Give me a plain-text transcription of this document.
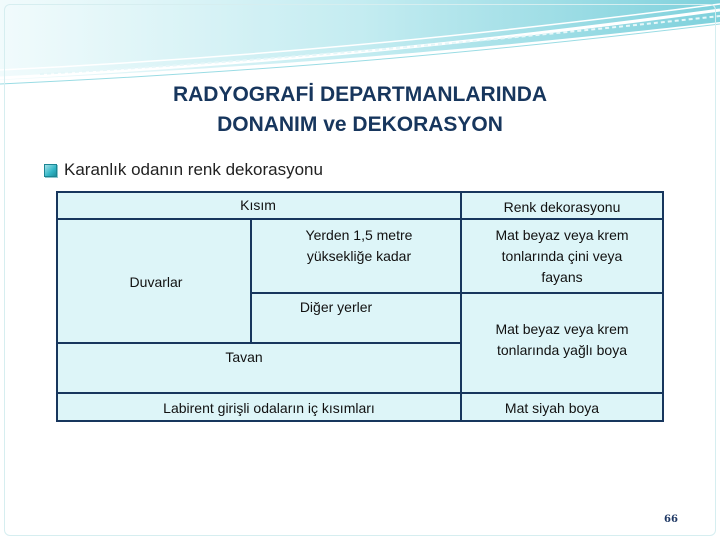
RADYOGRAFİ DEPARTMANLARINDA
DONANIM ve DEKORASYON
Karanlık odanın renk dekorasyonu
Kısım	Renk dekorasyonu
Yerden 1,5 metre
yüksekliğe kadar
Mat beyaz veya krem
tonlarında çini veya
fayans
Duvarlar
Diğer yerler
Mat beyaz veya krem
tonlarında yağlı boya
Tavan
Labirent girişli odaların iç kısımları	Mat siyah boya
66
